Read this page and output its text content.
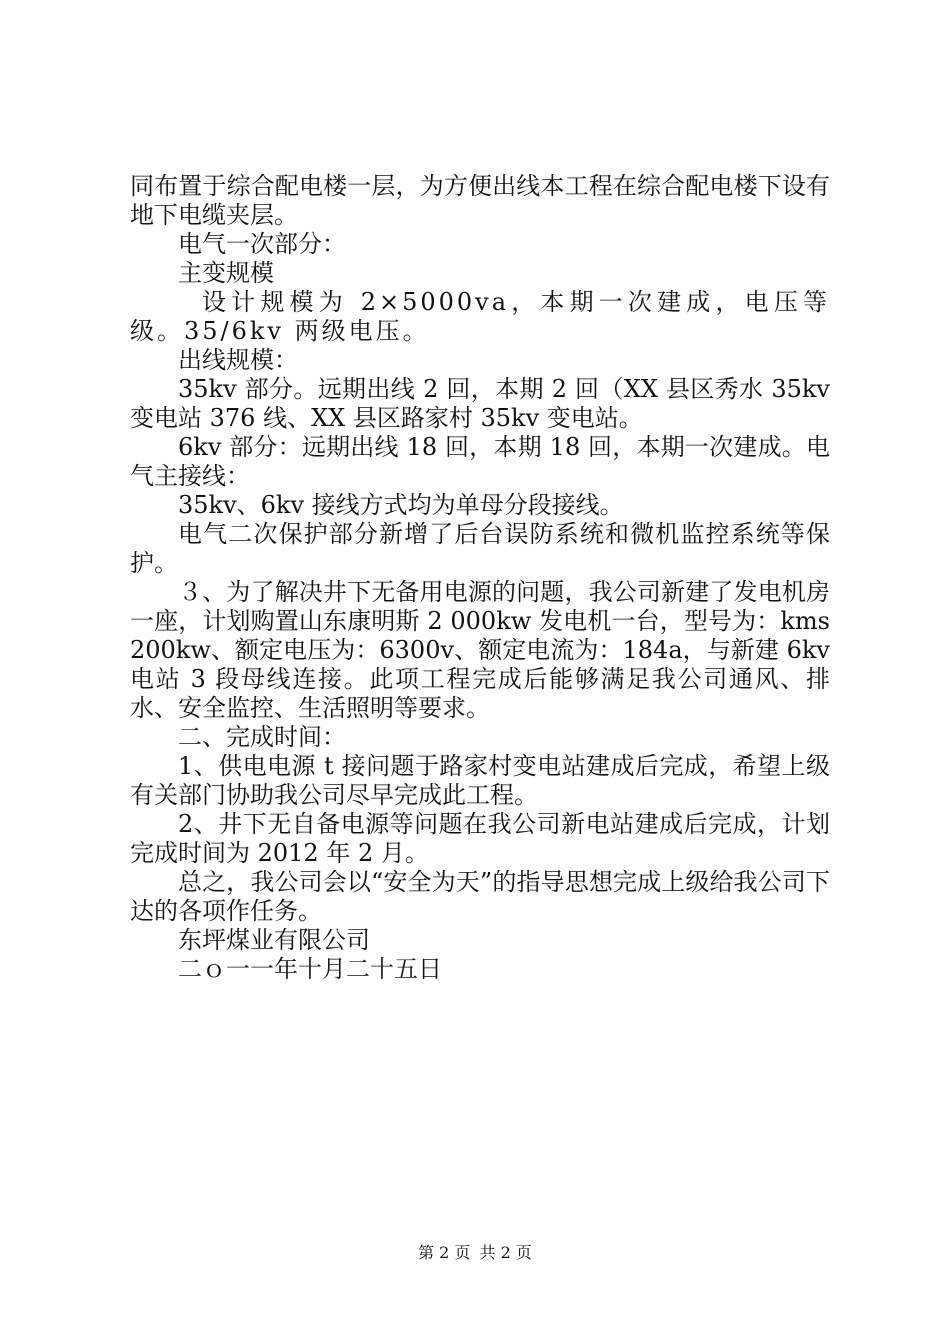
同布置于综合配电楼一层，为方便出线本工程在综合配电楼下设有地下电缆夹层。

电气一次部分：

主变规模

设计规模为 2×5000va，本期一次建成，电压等级。35/6kv 两级电压。

出线规模：

35kv 部分。远期出线 2 回，本期 2 回（XX 县区秀水 35kv 变电站 376 线、XX 县区路家村 35kv 变电站。

6kv 部分：远期出线 18 回，本期 18 回，本期一次建成。电气主接线：

35kv、6kv 接线方式均为单母分段接线。

电气二次保护部分新增了后台误防系统和微机监控系统等保护。

３、为了解决井下无备用电源的问题，我公司新建了发电机房一座，计划购置山东康明斯 2 000kw 发电机一台，型号为：kms200kw、额定电压为：6300v、额定电流为：184a，与新建 6kv 电站 3 段母线连接。此项工程完成后能够满足我公司通风、排水、安全监控、生活照明等要求。

二、完成时间：

1、供电电源 t 接问题于路家村变电站建成后完成，希望上级有关部门协助我公司尽早完成此工程。

2、井下无自备电源等问题在我公司新电站建成后完成，计划完成时间为 2012 年 2 月。

总之，我公司会以“安全为天”的指导思想完成上级给我公司下达的各项作任务。

东坪煤业有限公司

二ｏ一一年十月二十五日

第 2 页 共 2 页
